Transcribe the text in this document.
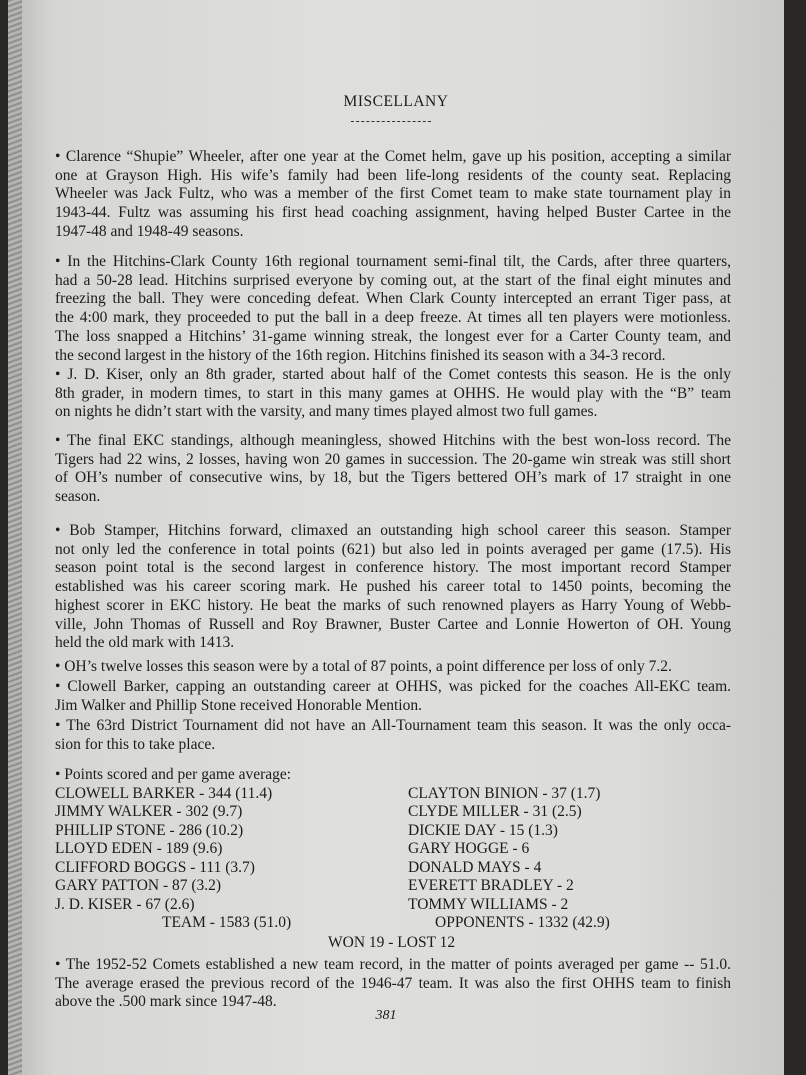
MISCELLANY
• Clarence “Shupie” Wheeler, after one year at the Comet helm, gave up his position, accepting a similar
one at Grayson High. His wife’s family had been life-long residents of the county seat. Replacing
Wheeler was Jack Fultz, who was a member of the first Comet team to make state tournament play in
1943-44. Fultz was assuming his first head coaching assignment, having helped Buster Cartee in the
1947-48 and 1948-49 seasons.
• In the Hitchins-Clark County 16th regional tournament semi-final tilt, the Cards, after three quarters,
had a 50-28 lead. Hitchins surprised everyone by coming out, at the start of the final eight minutes and
freezing the ball. They were conceding defeat. When Clark County intercepted an errant Tiger pass, at
the 4:00 mark, they proceeded to put the ball in a deep freeze. At times all ten players were motionless.
The loss snapped a Hitchins’ 31-game winning streak, the longest ever for a Carter County team, and
the second largest in the history of the 16th region. Hitchins finished its season with a 34-3 record.
• J. D. Kiser, only an 8th grader, started about half of the Comet contests this season. He is the only
8th grader, in modern times, to start in this many games at OHHS. He would play with the “B” team
on nights he didn’t start with the varsity, and many times played almost two full games.
• The final EKC standings, although meaningless, showed Hitchins with the best won-loss record. The
Tigers had 22 wins, 2 losses, having won 20 games in succession. The 20-game win streak was still short
of OH’s number of consecutive wins, by 18, but the Tigers bettered OH’s mark of 17 straight in one
season.
• Bob Stamper, Hitchins forward, climaxed an outstanding high school career this season. Stamper
not only led the conference in total points (621) but also led in points averaged per game (17.5). His
season point total is the second largest in conference history. The most important record Stamper
established was his career scoring mark. He pushed his career total to 1450 points, becoming the
highest scorer in EKC history. He beat the marks of such renowned players as Harry Young of Webb-
ville, John Thomas of Russell and Roy Brawner, Buster Cartee and Lonnie Howerton of OH. Young
held the old mark with 1413.
• OH’s twelve losses this season were by a total of 87 points, a point difference per loss of only 7.2.
• Clowell Barker, capping an outstanding career at OHHS, was picked for the coaches All-EKC team.
Jim Walker and Phillip Stone received Honorable Mention.
• The 63rd District Tournament did not have an All-Tournament team this season. It was the only occa-
sion for this to take place.
• The 1952-52 Comets established a new team record, in the matter of points averaged per game -- 51.0.
The average erased the previous record of the 1946-47 team. It was also the first OHHS team to finish
above the .500 mark since 1947-48.
• Points scored and per game average:
CLOWELL BARKER - 344 (11.4)
JIMMY WALKER - 302 (9.7)
PHILLIP STONE - 286 (10.2)
LLOYD EDEN - 189 (9.6)
CLIFFORD BOGGS - 111 (3.7)
GARY PATTON - 87 (3.2)
J. D. KISER - 67 (2.6)
CLAYTON BINION - 37 (1.7)
CLYDE MILLER - 31 (2.5)
DICKIE DAY - 15 (1.3)
GARY HOGGE - 6
DONALD MAYS - 4
EVERETT BRADLEY - 2
TOMMY WILLIAMS - 2
TEAM - 1583 (51.0)	OPPONENTS - 1332 (42.9)
WON 19 - LOST 12
381
